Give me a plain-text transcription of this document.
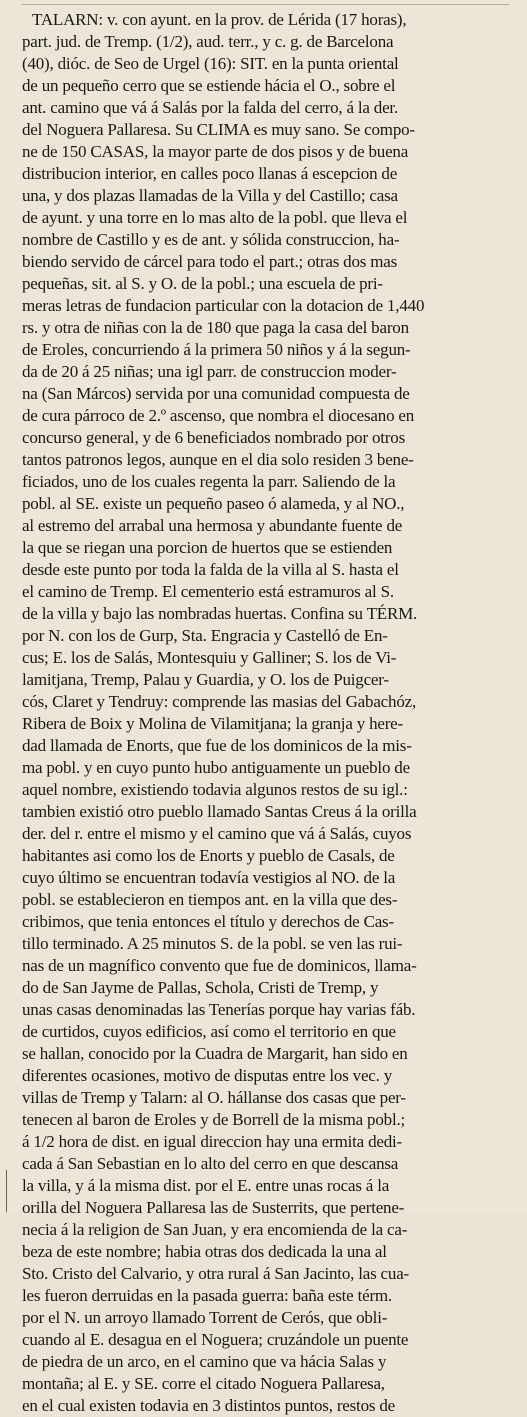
TALARN: v. con ayunt. en la prov. de Lérida (17 horas),
part. jud. de Tremp. (1/2), aud. terr., y c. g. de Barcelona
(40), dióc. de Seo de Urgel (16): SIT. en la punta oriental
de un pequeño cerro que se estiende hácia el O., sobre el
ant. camino que vá á Salás por la falda del cerro, á la der.
del Noguera Pallaresa. Su CLIMA es muy sano. Se compo-
ne de 150 CASAS, la mayor parte de dos pisos y de buena
distribucion interior, en calles poco llanas á escepcion de
una, y dos plazas llamadas de la Villa y del Castillo; casa
de ayunt. y una torre en lo mas alto de la pobl. que lleva el
nombre de Castillo y es de ant. y sólida construccion, ha-
biendo servido de cárcel para todo el part.; otras dos mas
pequeñas, sit. al S. y O. de la pobl.; una escuela de pri-
meras letras de fundacion particular con la dotacion de 1,440
rs. y otra de niñas con la de 180 que paga la casa del baron
de Eroles, concurriendo á la primera 50 niños y á la segun-
da de 20 á 25 niñas; una igl parr. de construccion moder-
na (San Márcos) servida por una comunidad compuesta de
de cura párroco de 2.º ascenso, que nombra el diocesano en
concurso general, y de 6 beneficiados nombrado por otros
tantos patronos legos, aunque en el dia solo residen 3 bene-
ficiados, uno de los cuales regenta la parr. Saliendo de la
pobl. al SE. existe un pequeño paseo ó alameda, y al NO.,
al estremo del arrabal una hermosa y abundante fuente de
la que se riegan una porcion de huertos que se estienden
desde este punto por toda la falda de la villa al S. hasta el
el camino de Tremp. El cementerio está estramuros al S.
de la villa y bajo las nombradas huertas. Confina su TÉRM.
por N. con los de Gurp, Sta. Engracia y Castelló de En-
cus; E. los de Salás, Montesquiu y Galliner; S. los de Vi-
lamitjana, Tremp, Palau y Guardia, y O. los de Puigcer-
cós, Claret y Tendruy: comprende las masias del Gabachóz,
Ribera de Boix y Molina de Vilamitjana; la granja y here-
dad llamada de Enorts, que fue de los dominicos de la mis-
ma pobl. y en cuyo punto hubo antiguamente un pueblo de
aquel nombre, existiendo todavia algunos restos de su igl.:
tambien existió otro pueblo llamado Santas Creus á la orilla
der. del r. entre el mismo y el camino que vá á Salás, cuyos
habitantes asi como los de Enorts y pueblo de Casals, de
cuyo último se encuentran todavía vestigios al NO. de la
pobl. se establecieron en tiempos ant. en la villa que des-
cribimos, que tenia entonces el título y derechos de Cas-
tillo terminado. A 25 minutos S. de la pobl. se ven las rui-
nas de un magnífico convento que fue de dominicos, llama-
do de San Jayme de Pallas, Schola, Cristi de Tremp, y
unas casas denominadas las Tenerías porque hay varias fáb.
de curtidos, cuyos edificios, así como el territorio en que
se hallan, conocido por la Cuadra de Margarit, han sido en
diferentes ocasiones, motivo de disputas entre los vec. y
villas de Tremp y Talarn: al O. hállanse dos casas que per-
tenecen al baron de Eroles y de Borrell de la misma pobl.;
á 1/2 hora de dist. en igual direccion hay una ermita dedi-
cada á San Sebastian en lo alto del cerro en que descansa
la villa, y á la misma dist. por el E. entre unas rocas á la
orilla del Noguera Pallaresa las de Susterrits, que pertene-
necia á la religion de San Juan, y era encomienda de la ca-
beza de este nombre; habia otras dos dedicada la una al
Sto. Cristo del Calvario, y otra rural á San Jacinto, las cua-
les fueron derruidas en la pasada guerra: baña este térm.
por el N. un arroyo llamado Torrent de Cerós, que obli-
cuando al E. desagua en el Noguera; cruzándole un puente
de piedra de un arco, en el camino que va hácia Salas y
montaña; al E. y SE. corre el citado Noguera Pallaresa,
en el cual existen todavia en 3 distintos puntos, restos de
